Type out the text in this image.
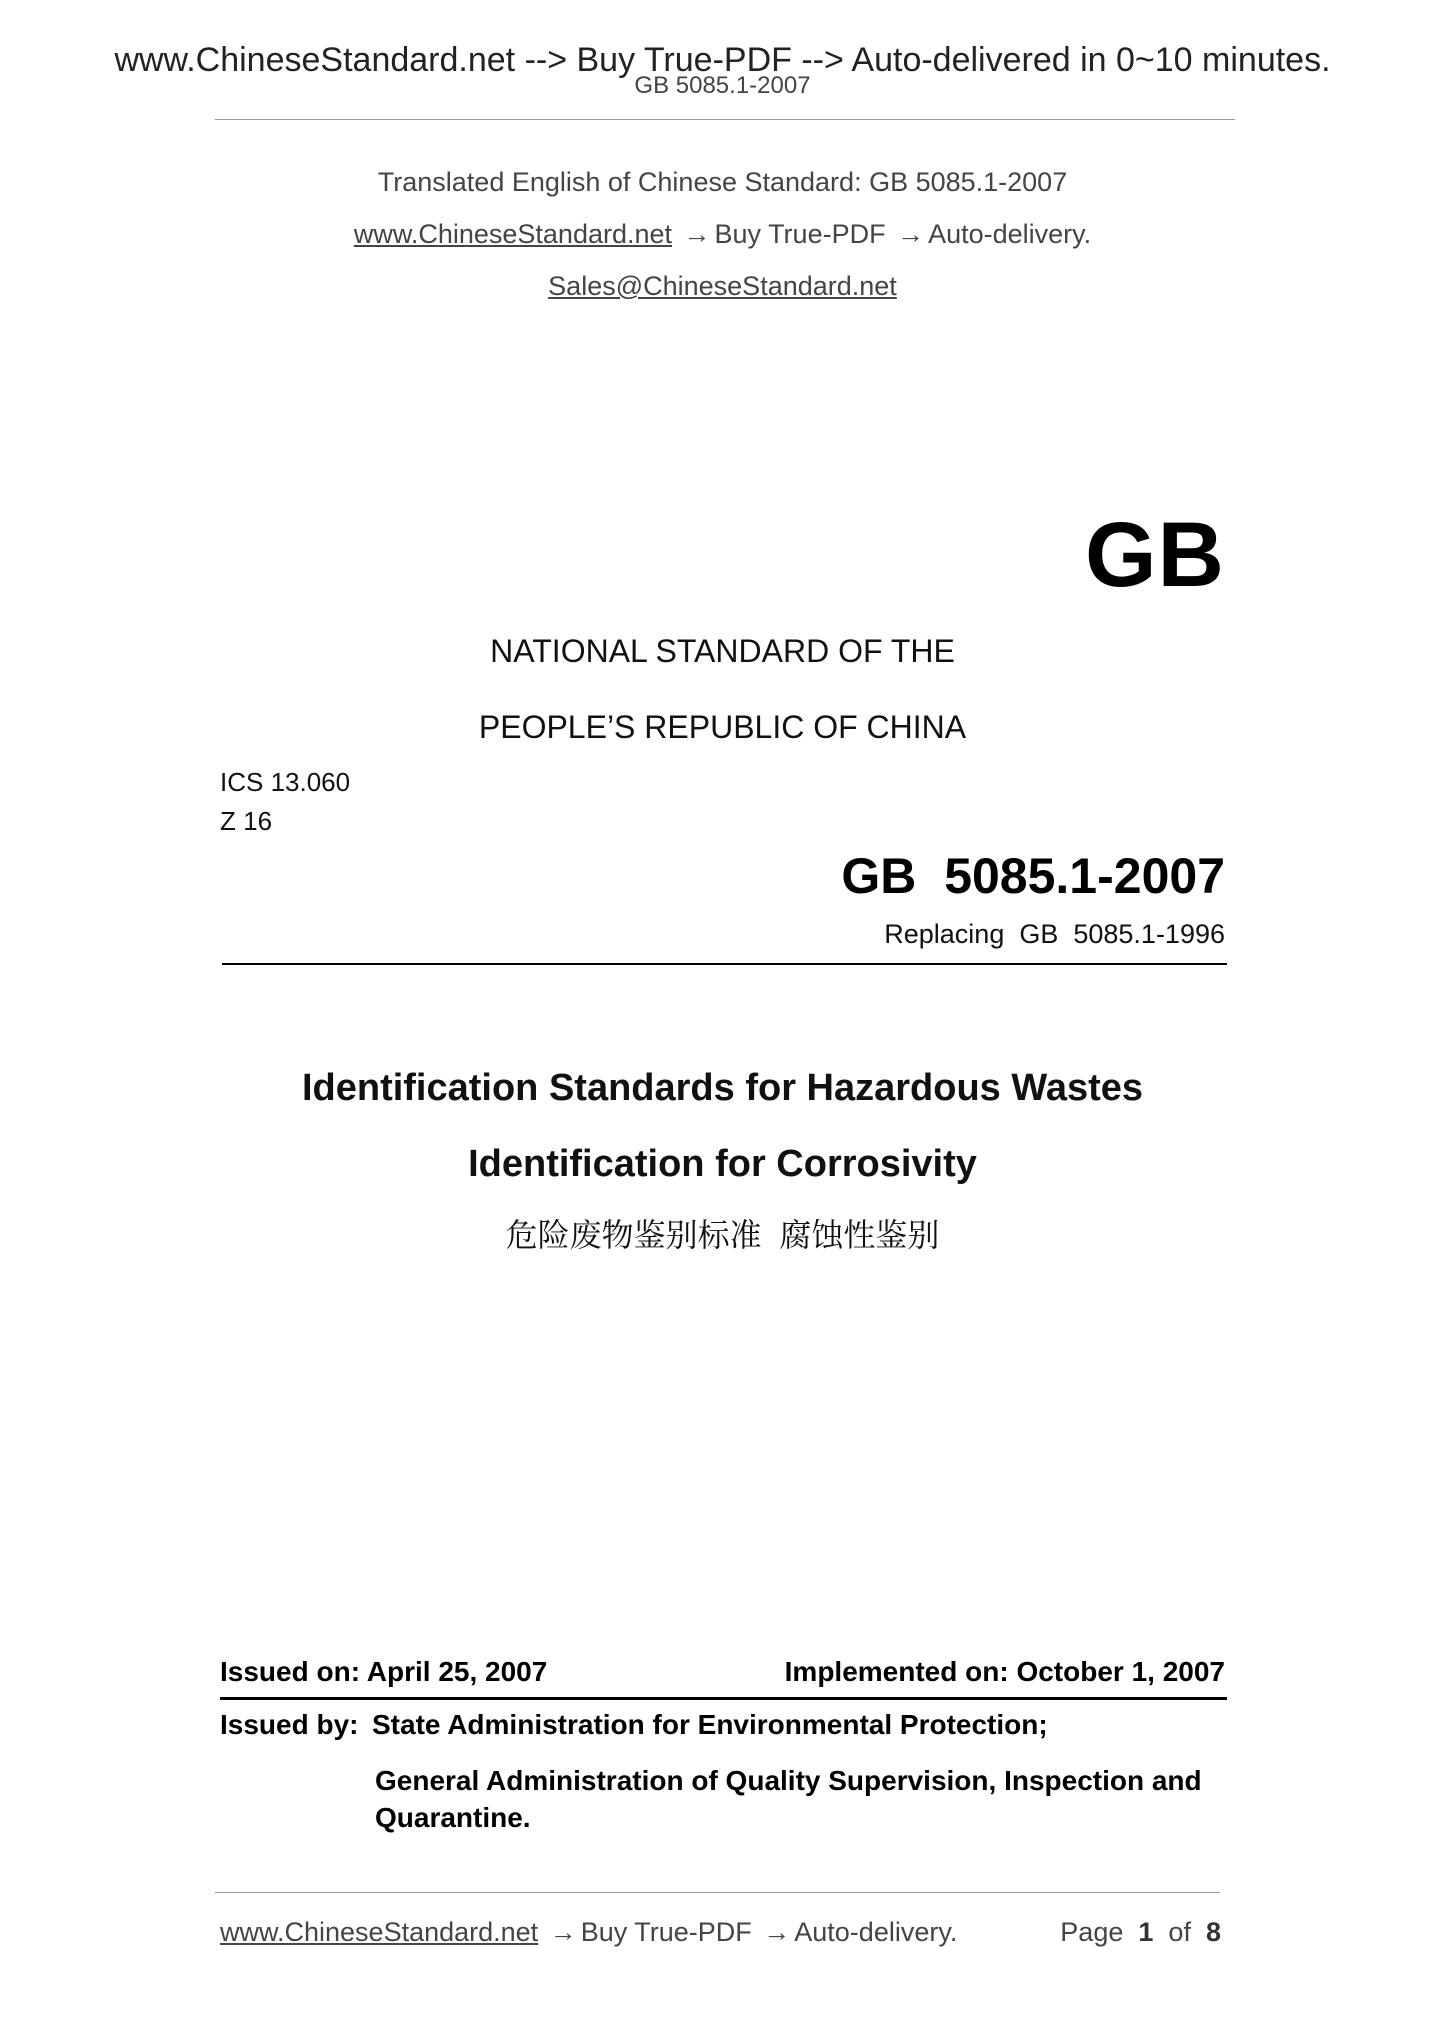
www.ChineseStandard.net --> Buy True-PDF --> Auto-delivered in 0~10 minutes.
GB 5085.1-2007
Translated English of Chinese Standard: GB 5085.1-2007
www.ChineseStandard.net → Buy True-PDF → Auto-delivery.
Sales@ChineseStandard.net
GB
NATIONAL STANDARD OF THE
PEOPLE’S REPUBLIC OF CHINA
ICS 13.060
Z 16
GB  5085.1-2007
Replacing  GB  5085.1-1996
Identification Standards for Hazardous Wastes
Identification for Corrosivity
危险废物鉴别标准  腐蚀性鉴别
Issued on: April 25, 2007	Implemented on: October 1, 2007
Issued by: State Administration for Environmental Protection;
General Administration of Quality Supervision, Inspection and Quarantine.
www.ChineseStandard.net → Buy True-PDF → Auto-delivery.	Page 1 of 8
